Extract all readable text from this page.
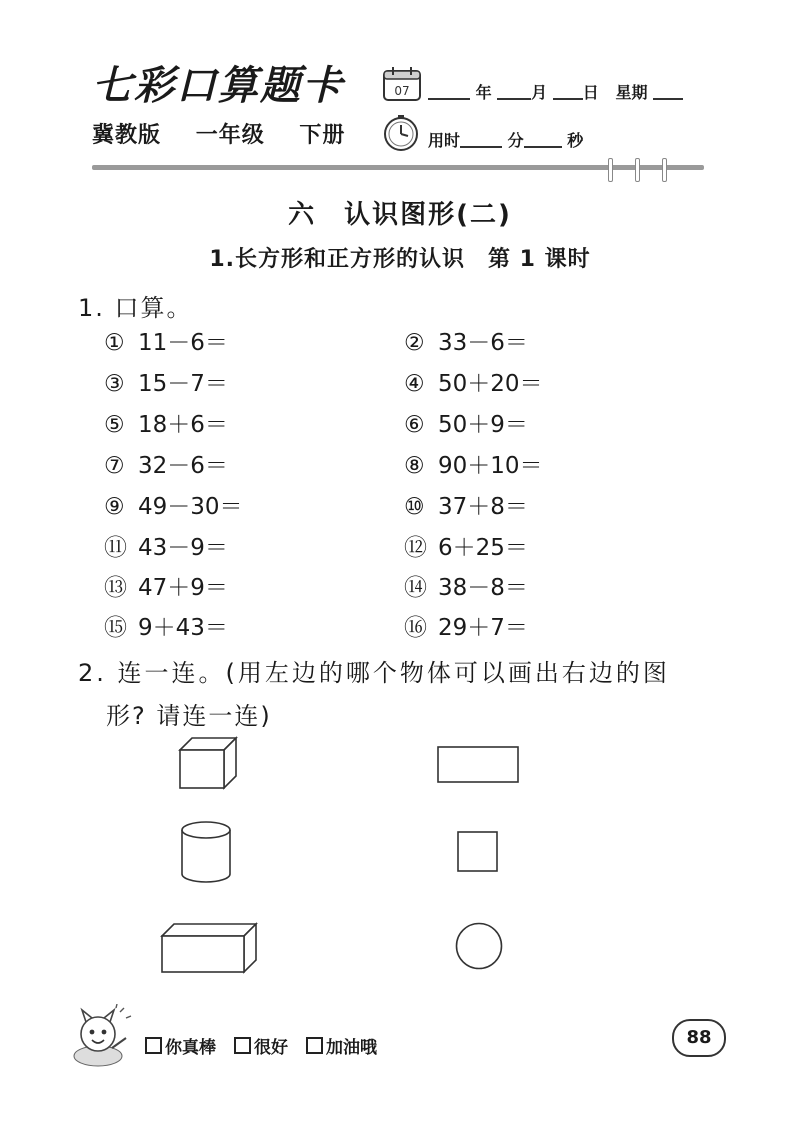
七彩口算题卡
冀教版 一年级 下册
07	年 月 日 星期
用时	分	秒
六　认识图形(二)
1.长方形和正方形的认识　第 1 课时
1. 口算。
① 11－6＝	② 33－6＝
③ 15－7＝	④ 50＋20＝
⑤ 18＋6＝	⑥ 50＋9＝
⑦ 32－6＝	⑧ 90＋10＝
⑨ 49－30＝	⑩ 37＋8＝
⑪ 43－9＝	⑫ 6＋25＝
⑬ 47＋9＝	⑭ 38－8＝
⑮ 9＋43＝	⑯ 29＋7＝
2. 连一连。(用左边的哪个物体可以画出右边的图
形? 请连一连)
你真棒	很好	加油哦	88
